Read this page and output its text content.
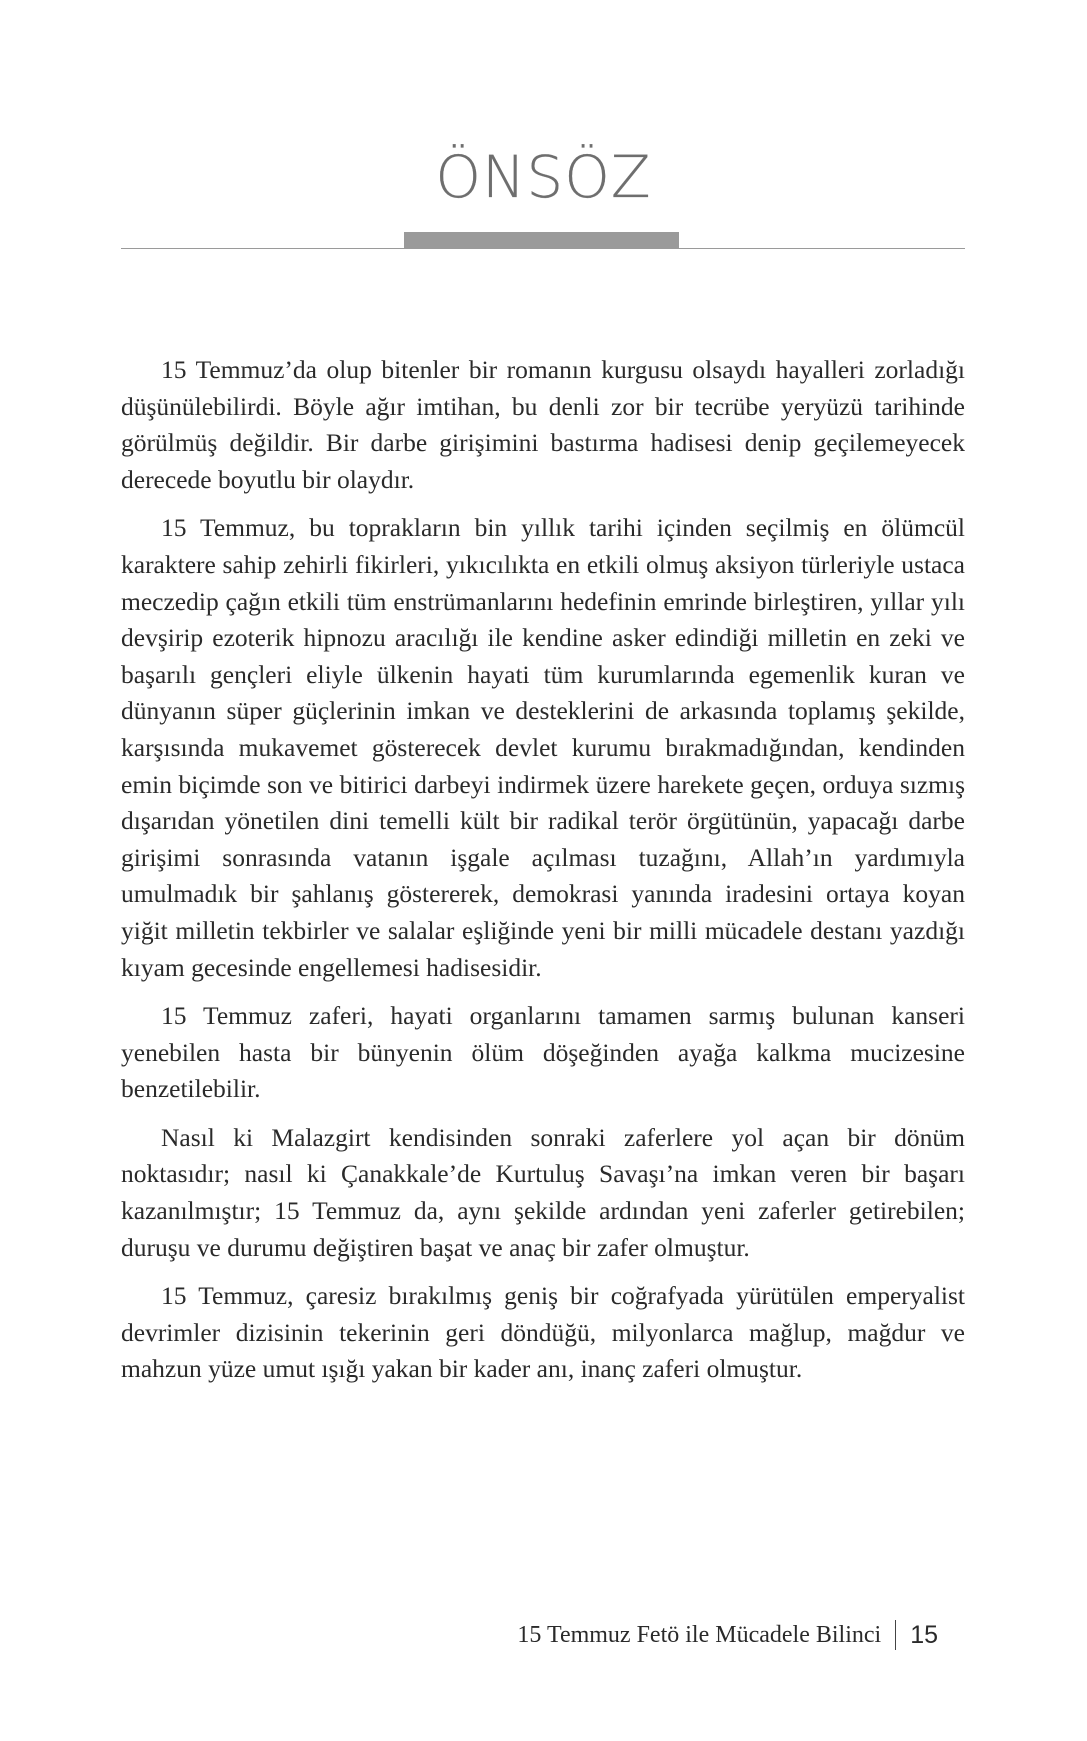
ÖNSÖZ

15 Temmuz’da olup bitenler bir romanın kurgusu olsaydı hayalleri zorladığı düşünülebilirdi. Böyle ağır imtihan, bu denli zor bir tecrübe yeryüzü tarihinde görülmüş değildir. Bir darbe girişimini bastırma hadisesi denip geçilemeyecek derecede boyutlu bir olaydır.

15 Temmuz, bu toprakların bin yıllık tarihi içinden seçilmiş en ölümcül karaktere sahip zehirli fikirleri, yıkıcılıkta en etkili olmuş aksiyon türleriyle ustaca meczedip çağın etkili tüm enstrümanlarını hedefinin emrinde birleştiren, yıllar yılı devşirip ezoterik hipnozu aracılığı ile kendine asker edindiği milletin en zeki ve başarılı gençleri eliyle ülkenin hayati tüm kurumlarında egemenlik kuran ve dünyanın süper güçlerinin imkan ve desteklerini de arkasında toplamış şekilde, karşısında mukavemet gösterecek devlet kurumu bırakmadığından, kendinden emin biçimde son ve bitirici darbeyi indirmek üzere harekete geçen, orduya sızmış dışarıdan yönetilen dini temelli kült bir radikal terör örgütünün, yapacağı darbe girişimi sonrasında vatanın işgale açılması tuzağını, Allah’ın yardımıyla umulmadık bir şahlanış göstererek, demokrasi yanında iradesini ortaya koyan yiğit milletin tekbirler ve salalar eşliğinde yeni bir milli mücadele destanı yazdığı kıyam gecesinde engellemesi hadisesidir.

15 Temmuz zaferi, hayati organlarını tamamen sarmış bulunan kanseri yenebilen hasta bir bünyenin ölüm döşeğinden ayağa kalkma mucizesine benzetilebilir.

Nasıl ki Malazgirt kendisinden sonraki zaferlere yol açan bir dönüm noktasıdır; nasıl ki Çanakkale’de Kurtuluş Savaşı’na imkan veren bir başarı kazanılmıştır; 15 Temmuz da, aynı şekilde ardından yeni zaferler getirebilen; duruşu ve durumu değiştiren başat ve anaç bir zafer olmuştur.

15 Temmuz, çaresiz bırakılmış geniş bir coğrafyada yürütülen emperyalist devrimler dizisinin tekerinin geri döndüğü, milyonlarca mağlup, mağdur ve mahzun yüze umut ışığı yakan bir kader anı, inanç zaferi olmuştur.

15 Temmuz Fetö ile Mücadele Bilinci 15
